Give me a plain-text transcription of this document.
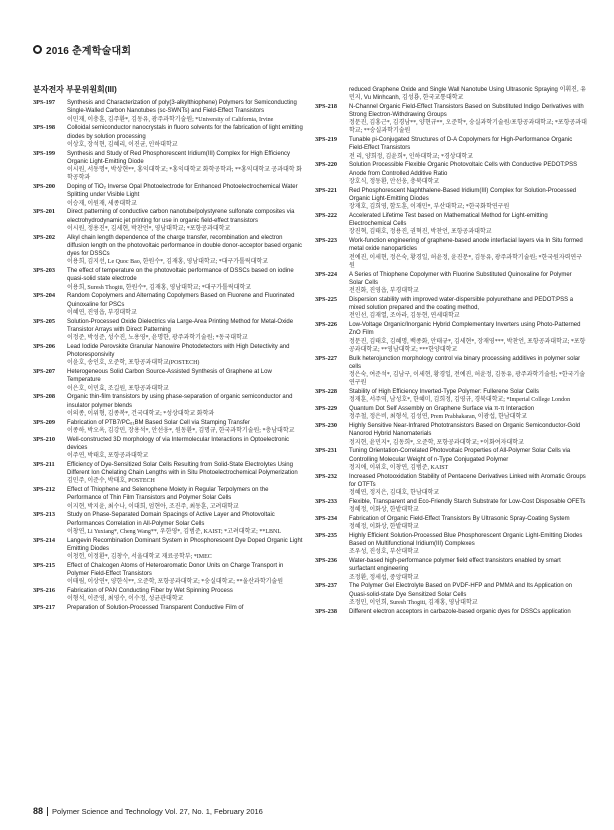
2016 춘계학술대회
분자전자 부문위원회(III)
3PS-197	Synthesis and Characterization of poly(3-alkylthiophene) Polymers for Semiconducting Single-Walled Carbon Nanotubes (sc-SWNTs) and Field-Effect Transistors
이민재, 이충훈, 김주환*, 김동유, 광주과학기술원; *University of California, Irvine
3PS-198	Colloidal semiconductor nanocrystals in fluoro solvents for the fabrication of light emitting diodes by solution processing
이상호, 장석현, 김혜리, 이진균, 인하대학교
3PS-199	Synthesis and Study of Red Phosphorescent Iridium(III) Complex for High Efficiency Organic Light-Emitting Diode
이시원, 서동명*, 박상현**, 홍익대학교; *홍익대학교 화학공학과; **홍익대학교 공과대학 화학공학과
3PS-200	Doping of TiO₂ Inverse Opal Photoelectrode for Enhanced Photoelectrochemical Water Splitting under Visible Light
이승재, 이원재, 세종대학교
3PS-201	Direct patterning of conductive carbon nanotube/polystyrene sulfonate composites via electrohydrodynamic jet printing for use in organic field-effect transistors
이시원, 정용진*, 김세현, 박찬언*, 영남대학교; *포항공과대학교
3PS-202	Alkyl chain length dependence of the charge transfer, recombination and electron diffusion length on the photovoltaic performance in double donor-acceptor based organic dyes for DSSCs
이용희, 김지선, Le Quoc Bao, 한원수*, 김재홍, 영남대학교; *대구가톨릭대학교
3PS-203	The effect of temperature on the photovoltaic performance of DSSCs based on iodine quasi-solid state electrode
이용희, Suresh Thogiti, 한원수*, 김재홍, 영남대학교; *대구가톨릭대학교
3PS-204	Random Copolymers and Alternating Copolymers Based on Fluorene and Fluorinated Quinoxaline for PSCs
이혜연, 진영읍, 부경대학교
3PS-205	Solution-Processed Oxide Dielectrics via Large-Area Printing Method for Metal-Oxide Transistor Arrays with Direct Patterning
이정준, 박성준, 성수진, 노용영*, 윤명한, 광주과학기술원; *동국대학교
3PS-206	Lead Iodide Perovskite Granular Nanowire Photodetectors with High Detectivity and Photoresponsivity
이윤호, 송인호, 오준학, 포항공과대학교(POSTECH)
3PS-207	Heterogeneous Solid Carbon Source-Assisted Synthesis of Graphene at Low Temperature
이은호, 이민효, 조길원, 포항공과대학교
3PS-208	Organic thin-film transistors by using phase-separation of organic semiconductor and insulator polymer blends
이의종, 이위형, 김종복*, 건국대학교; *성상대학교 화학과
3PS-209	Fabrication of PTB7/PC₆₁BM Based Solar Cell via Stamping Transfer
이종하, 박오옥, 김강민, 장용석*, 안선웅*, 원동환*, 김명규, 한국과학기술원; *충남대학교
3PS-210	Well-constructed 3D morphology of via Intermolecular Interactions in Optoelectronic devices
이주연, 박태호, 포항공과대학교
3PS-211	Efficiency of Dye-Sensitized Solar Cells Resulting from Solid-State Electrolytes Using Different Ion Chelating Chain Lengths with in Situ Photoelectrochemical Polymerization
김민주, 이준수, 박태호, POSTECH
3PS-212	Effect of Thiophene and Selenophene Moiety in Regular Terpolymers on the Performance of Thin Film Transistors and Polymer Solar Cells
이지현, 박지윤, 최수나, 이대희, 엄현아, 조진주, 최동훈, 고려대학교
3PS-213	Study on Phase-Separated Domain Spacings of Active Layer and Photovoltaic Performances Correlation in All-Polymer Solar Cells
이창연, Li Yuxiang*, Cheng Wang**, 우한영*, 김범준, KAIST; *고려대학교; **LBNL
3PS-214	Langevin Recombination Dominant System in Phosphorescent Dye Doped Organic Light Emitting Diodes
이청헌, 이정환*, 김창수, 서울대학교 재료공학부; *IMEC
3PS-215	Effect of Chalcogen Atoms of Heteroaromatic Donor Units on Charge Transport in Polymer Field-Effect Transistors
이태림, 이상연*, 양한식**, 오준학, 포항공과대학교; *숭실대학교; **울산과학기술원
3PS-216	Fabrication of PAN Conducting Fiber by Wet Spinning Process
이형석, 이준영, 최영수, 이수정, 성균관대학교
3PS-217	Preparation of Solution-Processed Transparent Conductive Film of
reduced Graphene Oxide and Single Wall Nanotube Using Ultrasonic Spraying 이휘진, 유민지, Vu Minhcanh, 김성룡, 한국교통대학교
3PS-218	N-Channel Organic Field-Effect Transistors Based on Substituted Indigo Derivatives with Strong Electron-Withdrawing Groups
정문진, 김홍근*, 김경남**, 양현규**, 오준학*, 숭실과학기술원/포항공과대학교; *포항공과대학교; **숭실과학기술원
3PS-219	Tunable pi-Conjugated Structures of D-A Copolymers for High-Performance Organic Field-Effect Transistors
전 리, 양희정, 김윤희*, 인하대학교; *경상대학교
3PS-220	Solution Processible Flexible Organic Photovoltaic Cells with Conductive PEDOT:PSS Anode from Controlled Additive Ratio
장호식, 정동환, 안선웅, 충북대학교
3PS-221	Red Phosphorescent Naphthalene-Based Iridium(III) Complex for Solution-Processed Organic Light-Emitting Diodes
장재호, 김희영, 함도훈, 이재민*, 부산대학교; *한국화학연구원
3PS-222	Accelerated Lifetime Test based on Mathematical Method for Light-emitting Electrochemical Cells
장진혁, 김태호, 정용진, 권혁진, 박찬언, 포항공과대학교
3PS-223	Work-function engineering of graphene-based anode interfacial layers via In Situ formed metal oxide nanoparticles
전예진, 이세현, 정은숙, 황경일, 허윤정, 윤진문*, 김동유, 광주과학기술원; *한국원자력연구원
3PS-224	A Series of Thiophene Copolymer with Fluorine Substituted Quinoxaline for Polymer Solar Cells
전진화, 진영읍, 부경대학교
3PS-225	Dispersion stability with improved water-dispersible polyurethane and PEDOT:PSS a mixed solution prepared and the coating method,
전인선, 김재열, 조아라, 김동현, 연세대학교
3PS-226	Low-Voltage Organic/Inorganic Hybrid Complementary Inverters using Photo-Patterned ZnO Film
정문진, 김태호, 김혜명, 백종화, 안태규*, 김세현*, 장재영***, 박찬언, 포항공과대학교; *포항공과대학교; **영남대학교; ***한양대학교
3PS-227	Bulk heterojunction morphology control via binary processing additives in polymer solar cells
정은숙, 여준석*, 김남구, 이세현, 황경일, 전예진, 허윤정, 김동유, 광주과학기술원; *한국기술연구원
3PS-228	Stability of High Efficiency Inverted-Type Polymer: Fullerene Solar Cells
정재훈, 서주역, 남성호*, 한혜미, 김희정, 김영규, 경북대학교; *Imperial College London
3PS-229	Quantum Dot Self Assembly on Graphene Surface via π-π Interaction
정주철, 정은비, 최형석, 김성연, Prem Prabhakaran, 이광섭, 한남대학교
3PS-230	Highly Sensitive Near-Infrared Phototransistors Based on Organic Semiconductor-Gold Nanorod Hybrid Nanomaterials
정지현, 윤민지*, 김동희*, 오준학, 포항공과대학교; *이화여자대학교
3PS-231	Tuning Orientation-Correlated Photovoltaic Properties of All-Polymer Solar Cells via Controlling Molecular Weight of n-Type Conjugated Polymer
정지애, 이위호, 이창연, 김범준, KAIST
3PS-232	Increased Photooxidation Stability of Pentacene Derivatives Linked with Aromatic Groups for OTFTs
정혜연, 정지은, 김대호, 한남대학교
3PS-233	Flexible, Transparent and Eco-Friendly Starch Substrate for Low-Cost Disposable OFETs
정혜정, 이화상, 한밭대학교
3PS-234	Fabrication of Organic Field-Effect Transistors By Ultrasonic Spray-Coating System
정혜정, 이화상, 한밭대학교
3PS-235	Highly Efficient Solution-Processed Blue Phosphorescent Organic Light-Emitting Diodes Based on Multifunctional Iridium(III) Complexes
조우성, 진성호, 부산대학교
3PS-236	Water-based high-performance polymer field effect transistors enabled by smart surfactant engineering
조정환, 정세섭, 중앙대학교
3PS-237	The Polymer Gel Electrolyte Based on PVDF-HFP and PMMA and Its Application on Quasi-solid-state Dye Sensitized Solar Cells
조정민, 이인희, Suresh Thogiti, 김재홍, 영남대학교
3PS-238	Different electron acceptors in carbazole-based organic dyes for DSSCs application
88 Polymer Science and Technology Vol. 27, No. 1, February 2016
